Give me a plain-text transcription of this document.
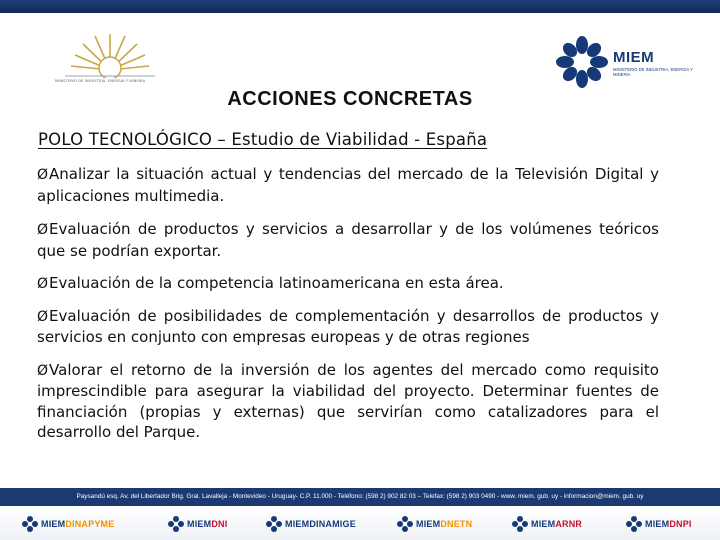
MINISTERIO DE INDUSTRIA, ENERGIA Y MINERIA
MIEM
MINISTERIO DE INDUSTRIA, ENERGÍA Y MINERÍA
ACCIONES CONCRETAS
POLO TECNOLÓGICO – Estudio de Viabilidad - España

ØAnalizar la situación actual y tendencias del mercado de la Televisión Digital y aplicaciones multimedia.

ØEvaluación de productos y servicios a desarrollar y de los volúmenes teóricos que se podrían exportar.

ØEvaluación de la competencia latinoamericana en esta área.

ØEvaluación de posibilidades de complementación y desarrollos de productos y servicios en conjunto con empresas europeas y de otras regiones

ØValorar el retorno de la inversión de los agentes del mercado como requisito imprescindible para asegurar la viabilidad del proyecto. Determinar fuentes de financiación (propias y externas) que servirían como catalizadores para el desarrollo del Parque.

Paysandú esq. Av. del Libertador Brig. Gral. Lavalleja - Montevideo - Uruguay- C.P. 11.000 - Teléfono: (598 2) 902 82 03 – Telefax: (598 2) 903 0490 - www. miem. gub. uy - informacion@miem. gub. uy
MIEMDINAPYME	MIEMDNI	MIEMDINAMIGE	MIEMDNETN	MIEMARNR	MIEMDNPI
